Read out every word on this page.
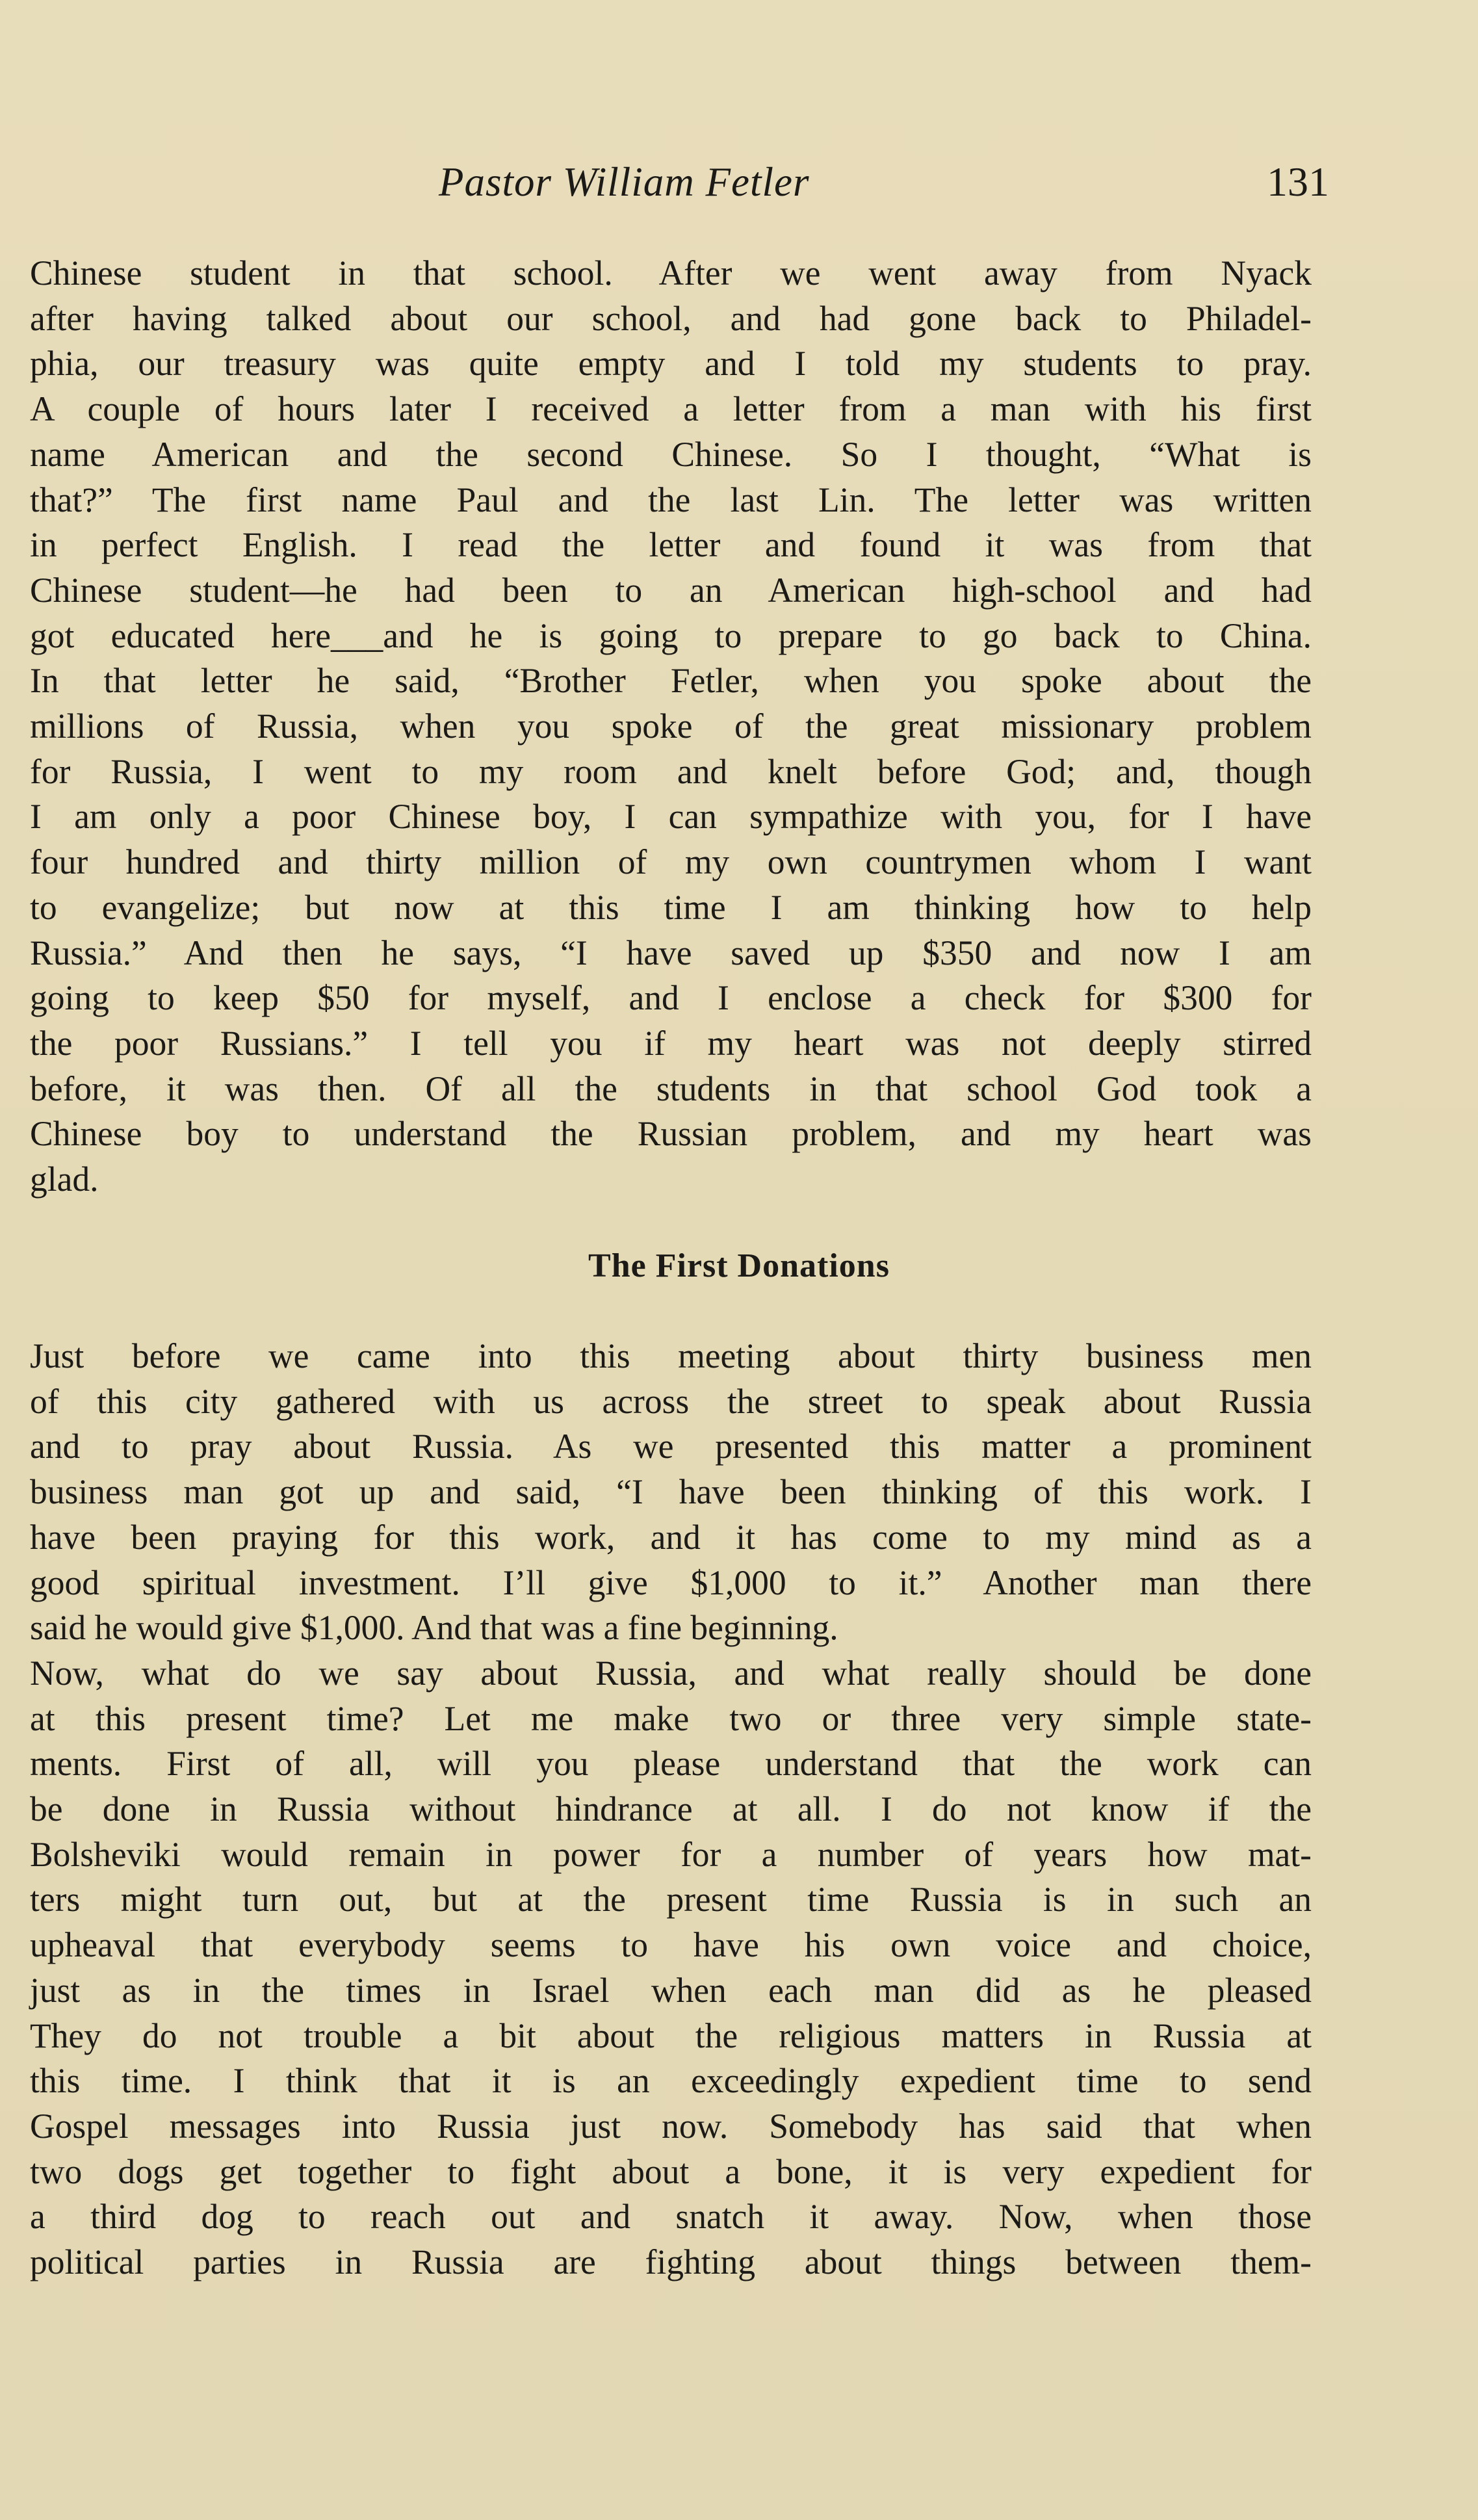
Pastor William Fetler	131

Chinese student in that school. After we went away from Nyack

after having talked about our school, and had gone back to Philadel-

phia, our treasury was quite empty and I told my students to pray.

A couple of hours later I received a letter from a man with his first

name American and the second Chinese. So I thought, “What is

that?” The first name Paul and the last Lin. The letter was written

in perfect English. I read the letter and found it was from that

Chinese student—he had been to an American high-school and had

got educated here___and he is going to prepare to go back to China.

In that letter he said, “Brother Fetler, when you spoke about the

millions of Russia, when you spoke of the great missionary problem

for Russia, I went to my room and knelt before God; and, though

I am only a poor Chinese boy, I can sympathize with you, for I have

four hundred and thirty million of my own countrymen whom I want

to evangelize; but now at this time I am thinking how to help

Russia.” And then he says, “I have saved up $350 and now I am

going to keep $50 for myself, and I enclose a check for $300 for

the poor Russians.” I tell you if my heart was not deeply stirred

before, it was then. Of all the students in that school God took a

Chinese boy to understand the Russian problem, and my heart was

glad.

The First Donations

Just before we came into this meeting about thirty business men

of this city gathered with us across the street to speak about Russia

and to pray about Russia. As we presented this matter a prominent

business man got up and said, “I have been thinking of this work. I

have been praying for this work, and it has come to my mind as a

good spiritual investment. I’ll give $1,000 to it.” Another man there

said he would give $1,000. And that was a fine beginning.

Now, what do we say about Russia, and what really should be done

at this present time? Let me make two or three very simple state-

ments. First of all, will you please understand that the work can

be done in Russia without hindrance at all. I do not know if the

Bolsheviki would remain in power for a number of years how mat-

ters might turn out, but at the present time Russia is in such an

upheaval that everybody seems to have his own voice and choice,

just as in the times in Israel when each man did as he pleased

They do not trouble a bit about the religious matters in Russia at

this time. I think that it is an exceedingly expedient time to send

Gospel messages into Russia just now. Somebody has said that when

two dogs get together to fight about a bone, it is very expedient for

a third dog to reach out and snatch it away. Now, when those

political parties in Russia are fighting about things between them-
